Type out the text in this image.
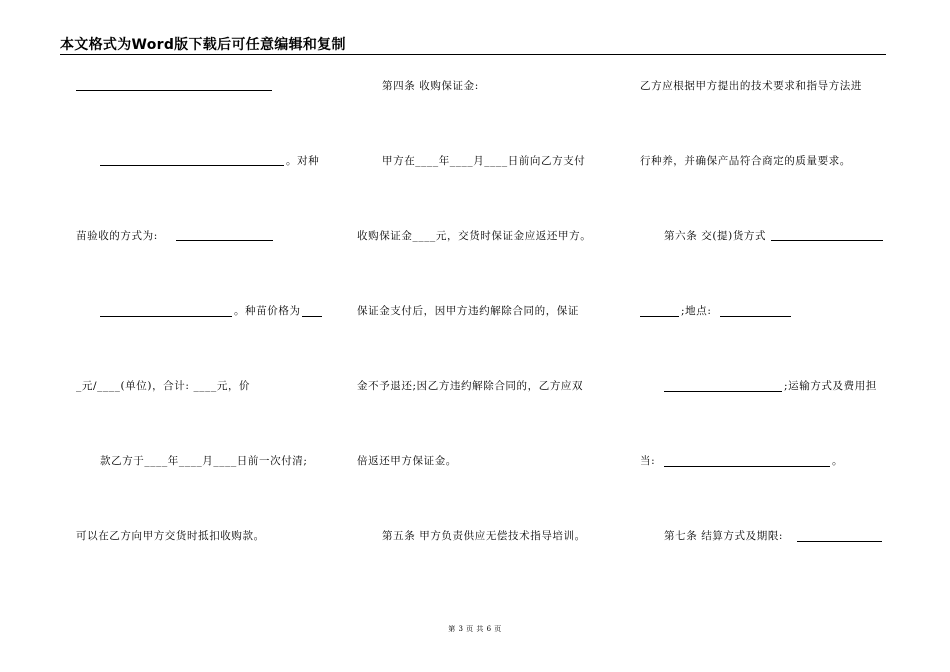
本文格式为Word版下载后可任意编辑和复制
。对种
苗验收的方式为:
。种苗价格为
_元/____(单位)，合计: ____元，价
款乙方于____年____月____日前一次付清;
可以在乙方向甲方交货时抵扣收购款。
第四条 收购保证金:
甲方在____年____月____日前向乙方支付
收购保证金____元，交货时保证金应返还甲方。
保证金支付后，因甲方违约解除合同的，保证
金不予退还;因乙方违约解除合同的，乙方应双
倍返还甲方保证金。
第五条 甲方负责供应无偿技术指导培训。
乙方应根据甲方提出的技术要求和指导方法进
行种养，并确保产品符合商定的质量要求。
第六条 交(提)货方式
;地点:
;运输方式及费用担
当:	。
第七条 结算方式及期限:
第 3 页 共 6 页
